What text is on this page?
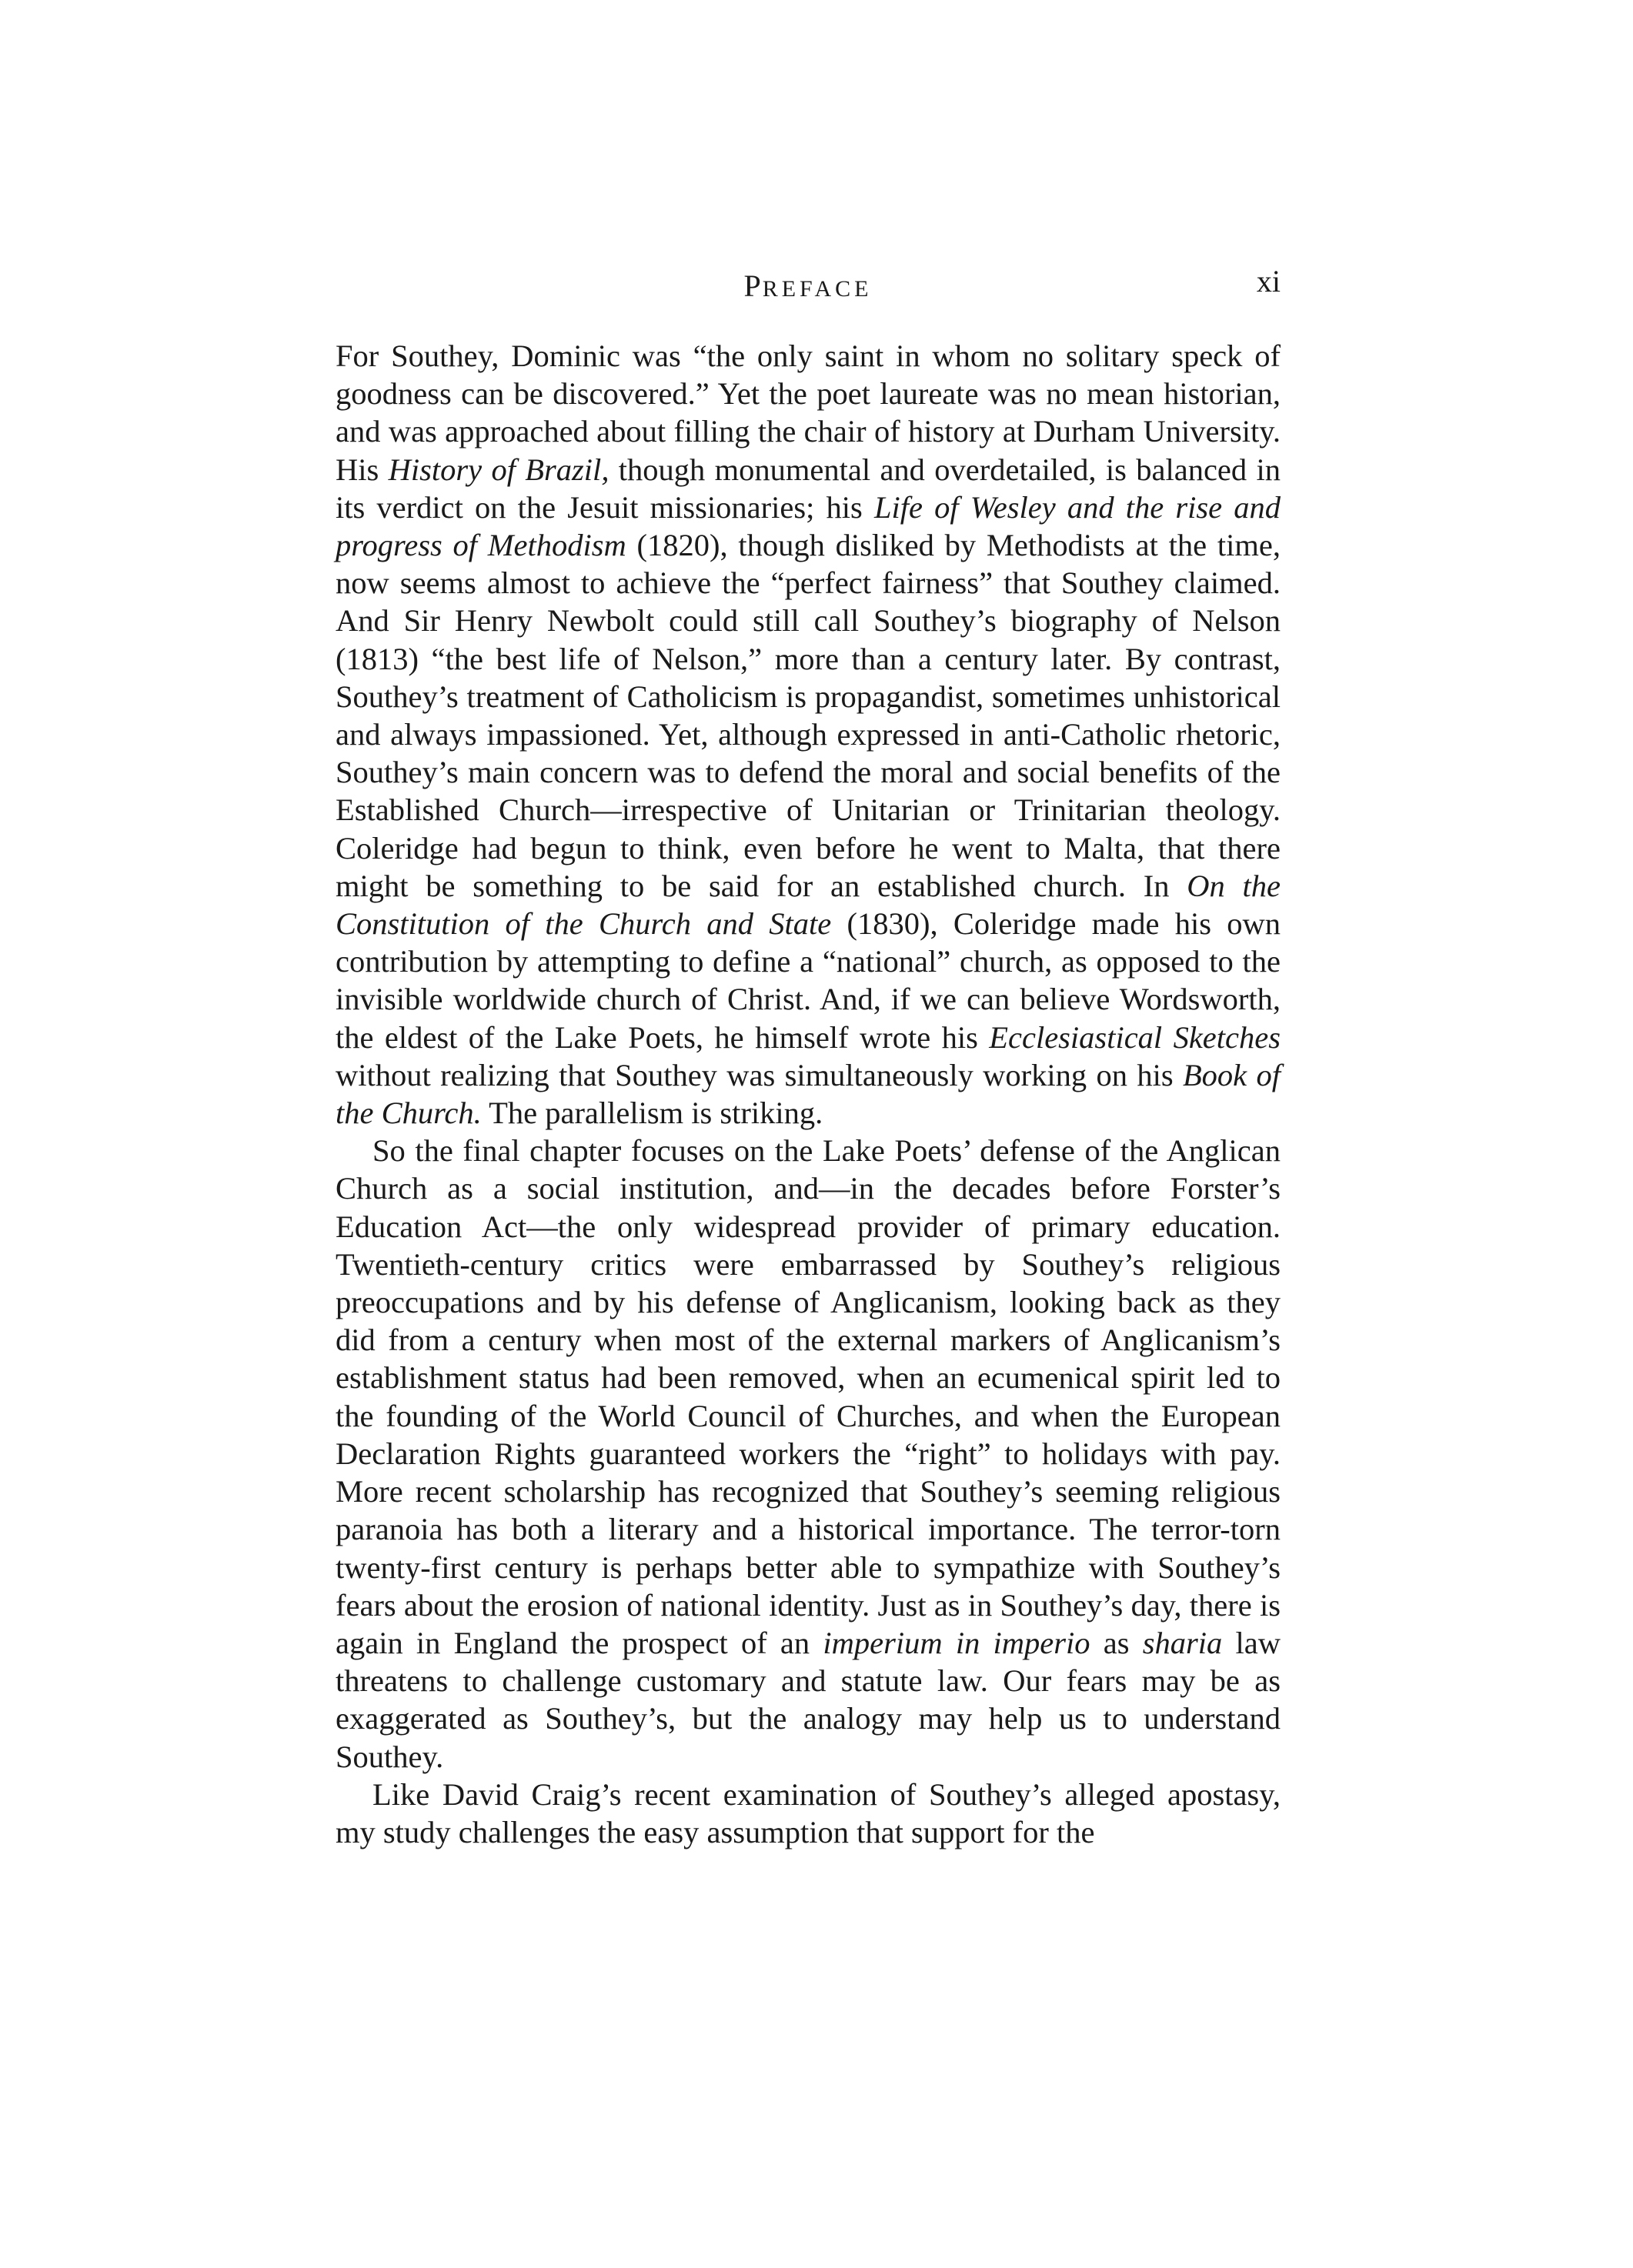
PREFACE	xi

For Southey, Dominic was “the only saint in whom no solitary speck of goodness can be discovered.” Yet the poet laureate was no mean historian, and was approached about filling the chair of history at Durham University. His History of Brazil, though monumental and overdetailed, is balanced in its verdict on the Jesuit missionaries; his Life of Wesley and the rise and progress of Methodism (1820), though disliked by Methodists at the time, now seems almost to achieve the “perfect fairness” that Southey claimed. And Sir Henry Newbolt could still call Southey’s biography of Nelson (1813) “the best life of Nelson,” more than a century later. By contrast, Southey’s treatment of Catholicism is propagandist, sometimes unhistorical and always impassioned. Yet, although expressed in anti-Catholic rhetoric, Southey’s main concern was to defend the moral and social benefits of the Established Church—irrespective of Unitarian or Trinitarian theology. Coleridge had begun to think, even before he went to Malta, that there might be something to be said for an established church. In On the Constitution of the Church and State (1830), Coleridge made his own contribution by attempting to define a “national” church, as opposed to the invisible worldwide church of Christ. And, if we can believe Wordsworth, the eldest of the Lake Poets, he himself wrote his Ecclesiastical Sketches without realizing that Southey was simultaneously working on his Book of the Church. The parallelism is striking.

So the final chapter focuses on the Lake Poets’ defense of the Anglican Church as a social institution, and—in the decades before Forster’s Education Act—the only widespread provider of primary education. Twentieth-century critics were embarrassed by Southey’s religious preoccupations and by his defense of Anglicanism, looking back as they did from a century when most of the external markers of Anglicanism’s establishment status had been removed, when an ecumenical spirit led to the founding of the World Council of Churches, and when the European Declaration Rights guaranteed workers the “right” to holidays with pay. More recent scholarship has recognized that Southey’s seeming religious paranoia has both a literary and a historical importance. The terror-torn twenty-first century is perhaps better able to sympathize with Southey’s fears about the erosion of national identity. Just as in Southey’s day, there is again in England the prospect of an imperium in imperio as sharia law threatens to challenge customary and statute law. Our fears may be as exaggerated as Southey’s, but the analogy may help us to understand Southey.

Like David Craig’s recent examination of Southey’s alleged apostasy, my study challenges the easy assumption that support for the
